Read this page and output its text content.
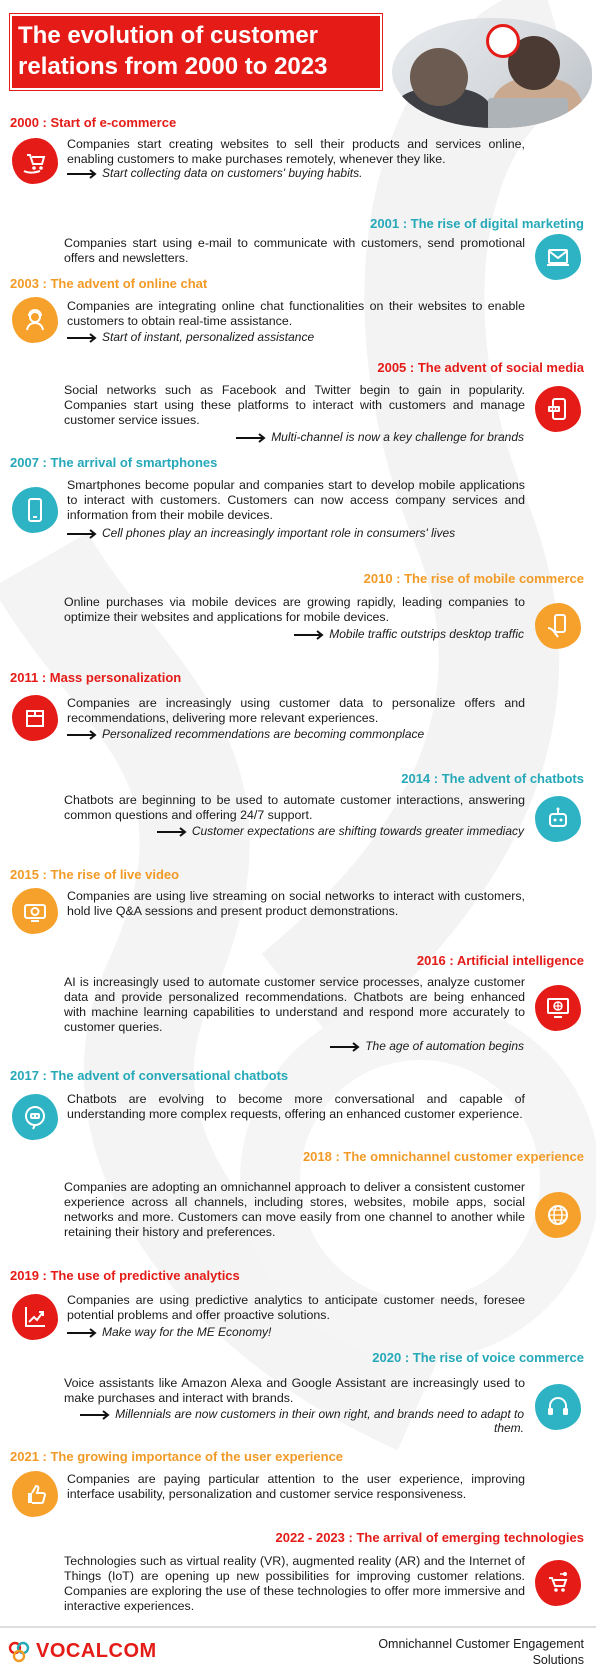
The evolution of customer relations from 2000 to 2023
2000 : Start of e-commerce
Companies start creating websites to sell their products and services online, enabling customers to make purchases remotely, whenever they like.
Start collecting data on customers' buying habits.
2001 : The rise of digital marketing
Companies start using e-mail to communicate with customers, send promotional offers and newsletters.
2003 : The advent of online chat
Companies are integrating online chat functionalities on their websites to enable customers to obtain real-time assistance.
Start of instant, personalized assistance
2005 : The advent of social media
Social networks such as Facebook and Twitter begin to gain in popularity. Companies start using these platforms to interact with customers and manage customer service issues.
Multi-channel is now a key challenge for brands
2007 : The arrival of smartphones
Smartphones become popular and companies start to develop mobile applications to interact with customers. Customers can now access company services and information from their mobile devices.
Cell phones play an increasingly important role in consumers' lives
2010 : The rise of mobile commerce
Online purchases via mobile devices are growing rapidly, leading companies to optimize their websites and applications for mobile devices.
Mobile traffic outstrips desktop traffic
2011 : Mass personalization
Companies are increasingly using customer data to personalize offers and recommendations, delivering more relevant experiences.
Personalized recommendations are becoming commonplace
2014 : The advent of chatbots
Chatbots are beginning to be used to automate customer interactions, answering common questions and offering 24/7 support.
Customer expectations are shifting towards greater immediacy
2015 : The rise of live video
Companies are using live streaming on social networks to interact with customers, hold live Q&A sessions and present product demonstrations.
2016 : Artificial intelligence
AI is increasingly used to automate customer service processes, analyze customer data and provide personalized recommendations. Chatbots are being enhanced with machine learning capabilities to understand and respond more accurately to customer queries.
The age of automation begins
2017 : The advent of conversational chatbots
Chatbots are evolving to become more conversational and capable of understanding more complex requests, offering an enhanced customer experience.
2018 : The omnichannel customer experience
Companies are adopting an omnichannel approach to deliver a consistent customer experience across all channels, including stores, websites, mobile apps, social networks and more. Customers can move easily from one channel to another while retaining their history and preferences.
2019 : The use of predictive analytics
Companies are using predictive analytics to anticipate customer needs, foresee potential problems and offer proactive solutions.
Make way for the ME Economy!
2020 : The rise of voice commerce
Voice assistants like Amazon Alexa and Google Assistant are increasingly used to make purchases and interact with brands.
Millennials are now customers in their own right, and brands need to adapt to them.
2021 : The growing importance of the user experience
Companies are paying particular attention to the user experience, improving interface usability, personalization and customer service responsiveness.
2022 - 2023 : The arrival of emerging technologies
Technologies such as virtual reality (VR), augmented reality (AR) and the Internet of Things (IoT) are opening up new possibilities for improving customer relations. Companies are exploring the use of these technologies to offer more immersive and interactive experiences.
VOCALCOM	Omnichannel Customer Engagement Solutions
